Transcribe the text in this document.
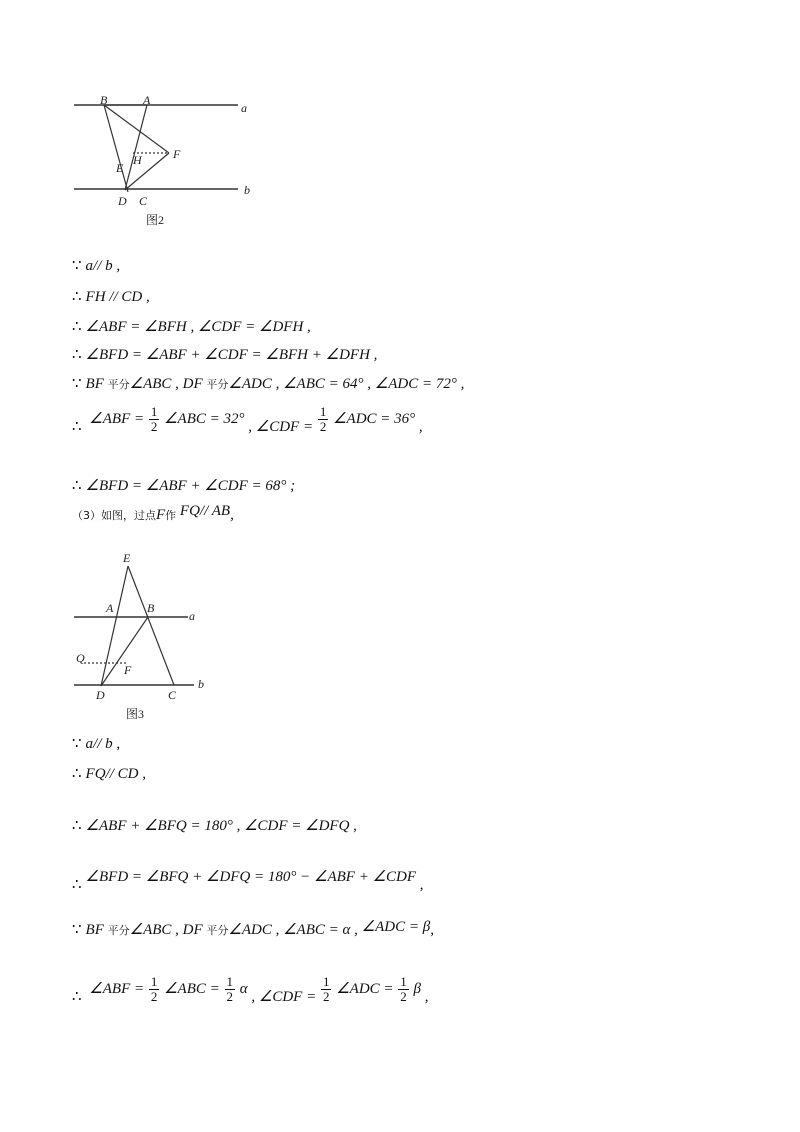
B	A
a
H	F
E
D C
b
图2
∵ a// b ,
∴ FH // CD ,
∴ ∠ABF = ∠BFH , ∠CDF = ∠DFH ,
∴ ∠BFD = ∠ABF + ∠CDF = ∠BFH + ∠DFH ,
∵ BF 平分∠ABC , DF 平分∠ADC , ∠ABC = 64° , ∠ADC = 72° ,
∴ ∠ABF = $\frac{1}{2}$ ∠ABC = 32° , ∠CDF = $\frac{1}{2}$ ∠ADC = 36° ,
∴ ∠BFD = ∠ABF + ∠CDF = 68° ;
（3）如图，过点F作 FQ// AB,
E
A	B
a
Q
F
D	C
b
图3
∵ a// b ,
∴ FQ// CD ,
∴ ∠ABF + ∠BFQ = 180° , ∠CDF = ∠DFQ ,
∴ ∠BFD = ∠BFQ + ∠DFQ = 180° − ∠ABF + ∠CDF ,
∵ BF 平分∠ABC , DF 平分∠ADC , ∠ABC = α , ∠ADC = β,
∴ ∠ABF = $\frac{1}{2}$ ∠ABC = $\frac{1}{2}$ α , ∠CDF = $\frac{1}{2}$ ∠ADC = $\frac{1}{2}$ β ,
